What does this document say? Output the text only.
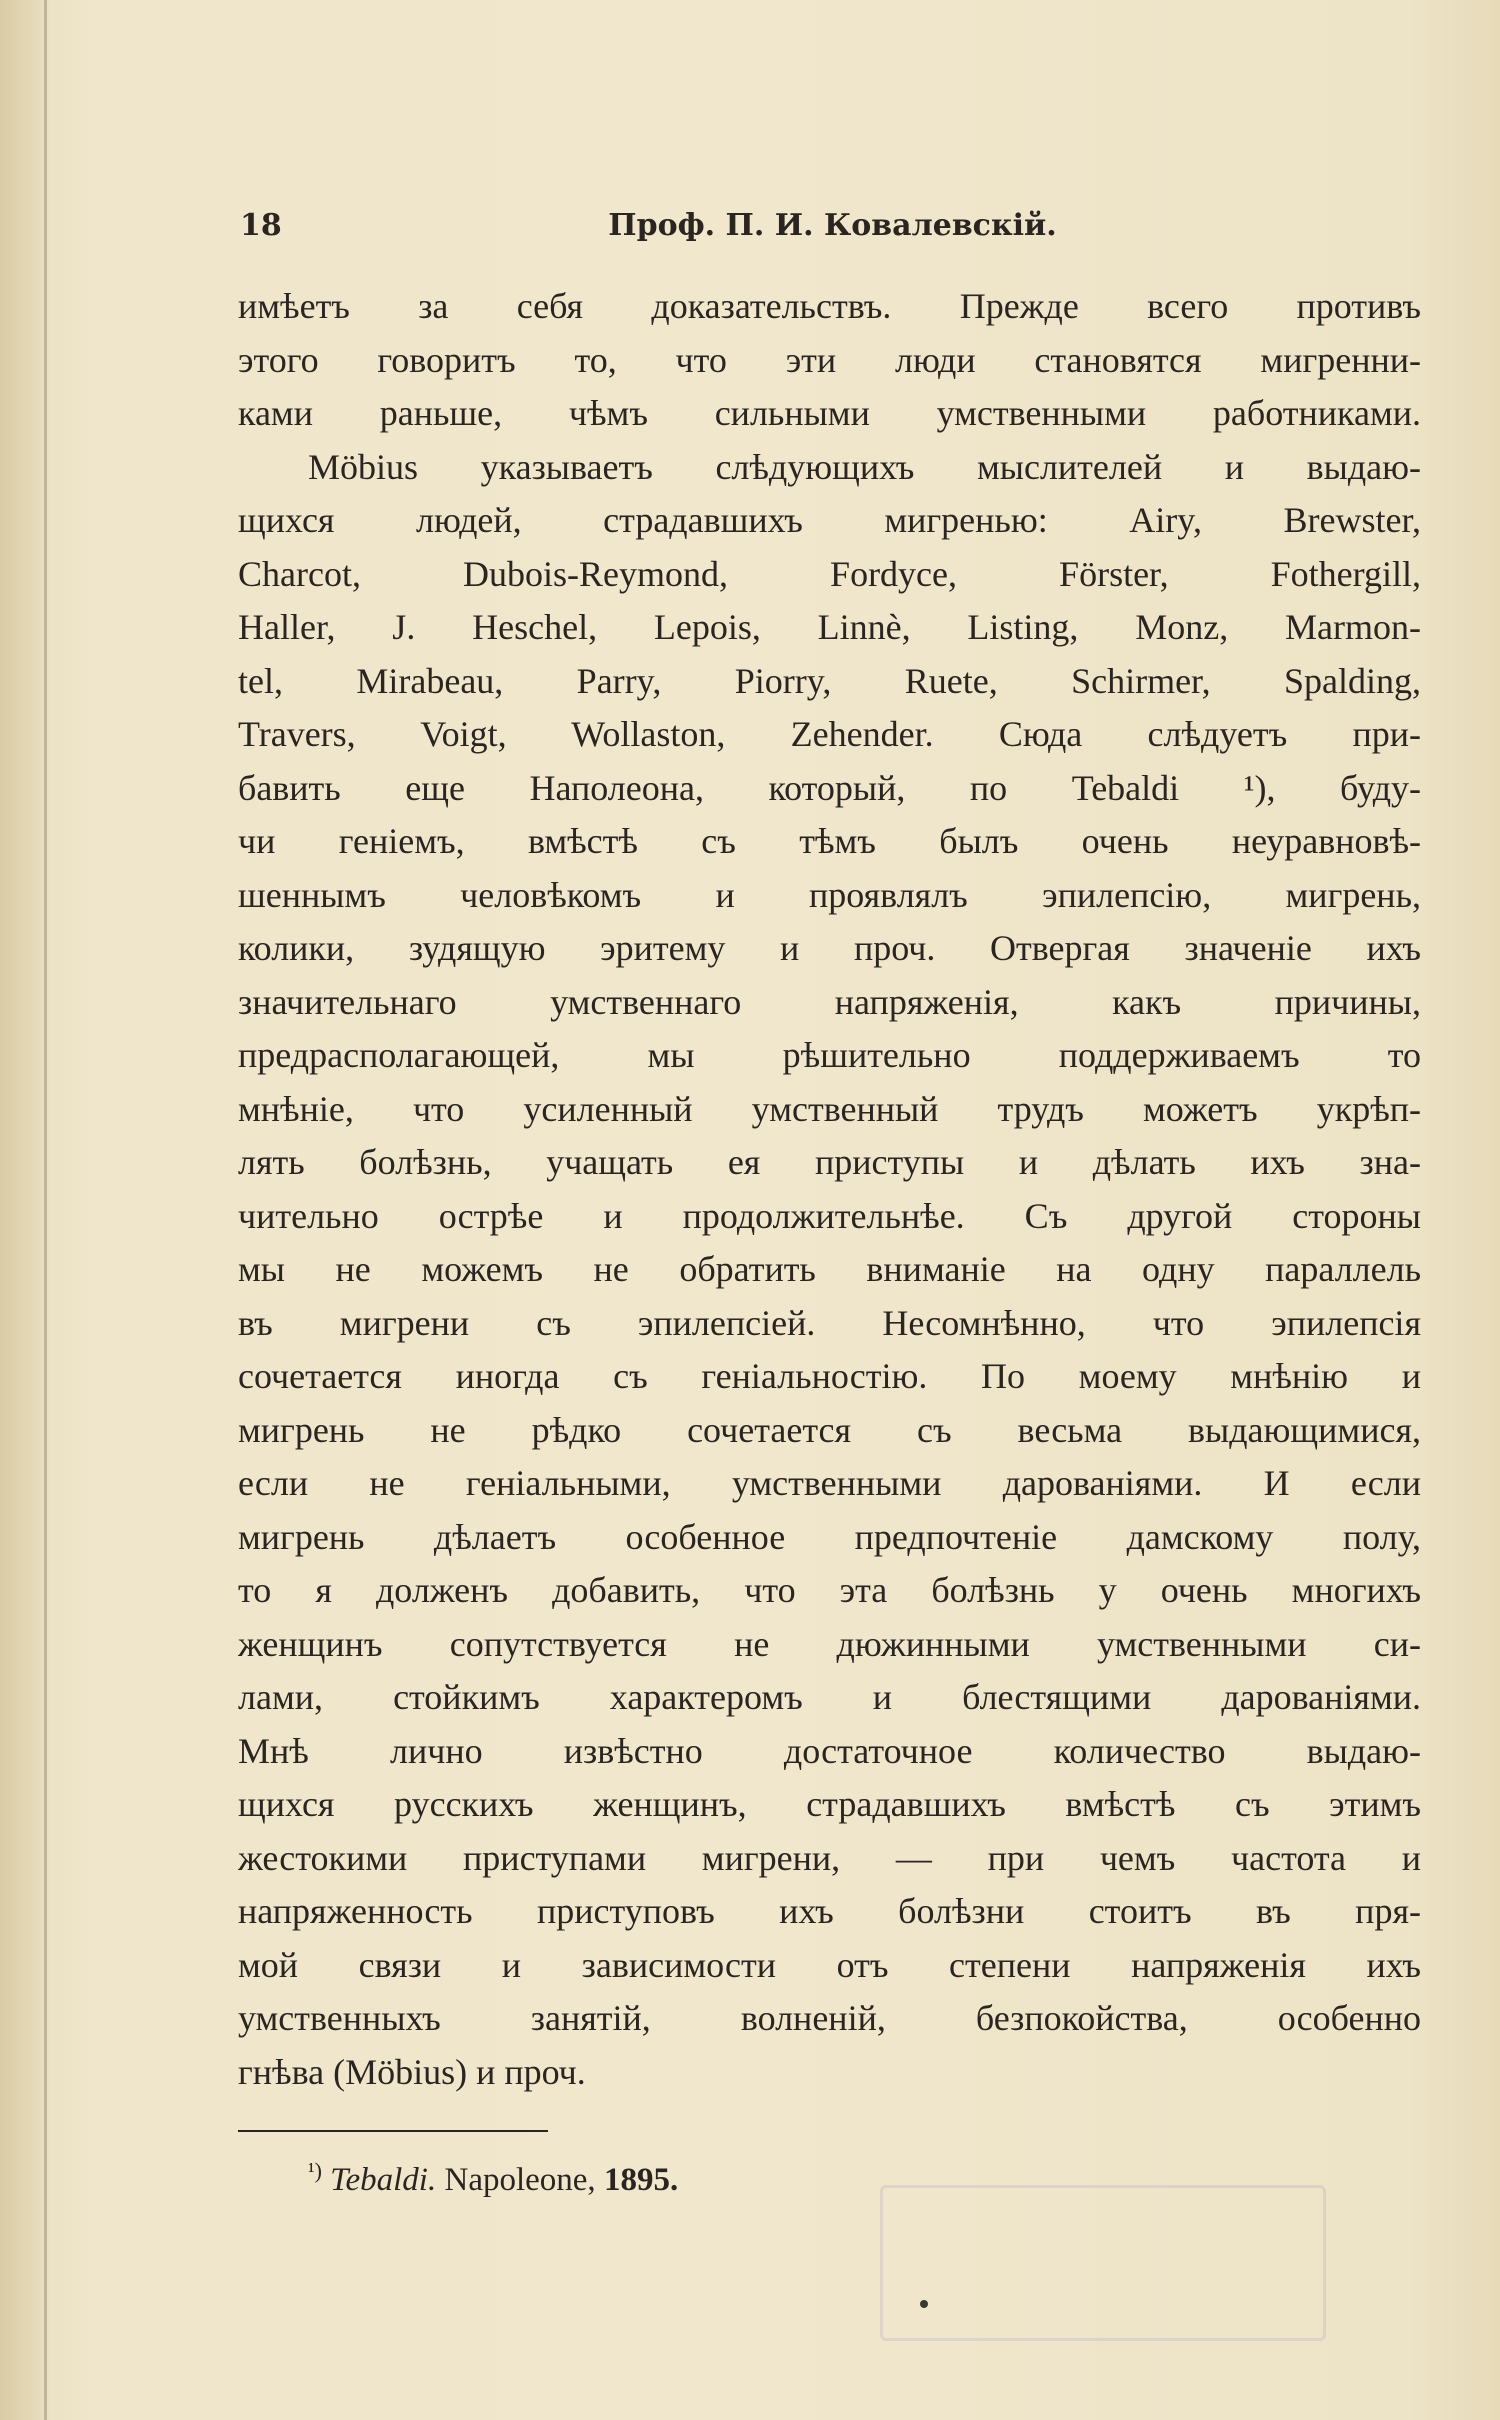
18	Проф. П. И. Ковалевскій.
имѣетъ за себя доказательствъ. Прежде всего противъ
этого говоритъ то, что эти люди становятся мигренни-
ками раньше, чѣмъ сильными умственными работниками.
Möbius указываетъ слѣдующихъ мыслителей и выдаю-
щихся людей, страдавшихъ мигренью: Airy, Brewster,
Charcot, Dubois-Reymond, Fordyce, Förster, Fothergill,
Haller, J. Heschel, Lepois, Linnè, Listing, Monz, Marmon-
tel, Mirabeau, Parry, Piorry, Ruete, Schirmer, Spalding,
Travers, Voigt, Wollaston, Zehender. Сюда слѣдуетъ при-
бавить еще Наполеона, который, по Tebaldi ¹), буду-
чи геніемъ, вмѣстѣ съ тѣмъ былъ очень неуравновѣ-
шеннымъ человѣкомъ и проявлялъ эпилепсію, мигрень,
колики, зудящую эритему и проч. Отвергая значеніе ихъ
значительнаго умственнаго напряженія, какъ причины,
предрасполагающей, мы рѣшительно поддерживаемъ то
мнѣніе, что усиленный умственный трудъ можетъ укрѣп-
лять болѣзнь, учащать ея приступы и дѣлать ихъ зна-
чительно острѣе и продолжительнѣе. Съ другой стороны
мы не можемъ не обратить вниманіе на одну параллель
въ мигрени съ эпилепсіей. Несомнѣнно, что эпилепсія
сочетается иногда съ геніальностію. По моему мнѣнію и
мигрень не рѣдко сочетается съ весьма выдающимися,
если не геніальными, умственными дарованіями. И если
мигрень дѣлаетъ особенное предпочтеніе дамскому полу,
то я долженъ добавить, что эта болѣзнь у очень многихъ
женщинъ сопутствуется не дюжинными умственными си-
лами, стойкимъ характеромъ и блестящими дарованіями.
Мнѣ лично извѣстно достаточное количество выдаю-
щихся русскихъ женщинъ, страдавшихъ вмѣстѣ съ этимъ
жестокими приступами мигрени, — при чемъ частота и
напряженность приступовъ ихъ болѣзни стоитъ въ пря-
мой связи и зависимости отъ степени напряженія ихъ
умственныхъ занятій, волненій, безпокойства, особенно
гнѣва (Möbius) и проч.
$^{^1)}$ Tebaldi. Napoleone, 1895.
